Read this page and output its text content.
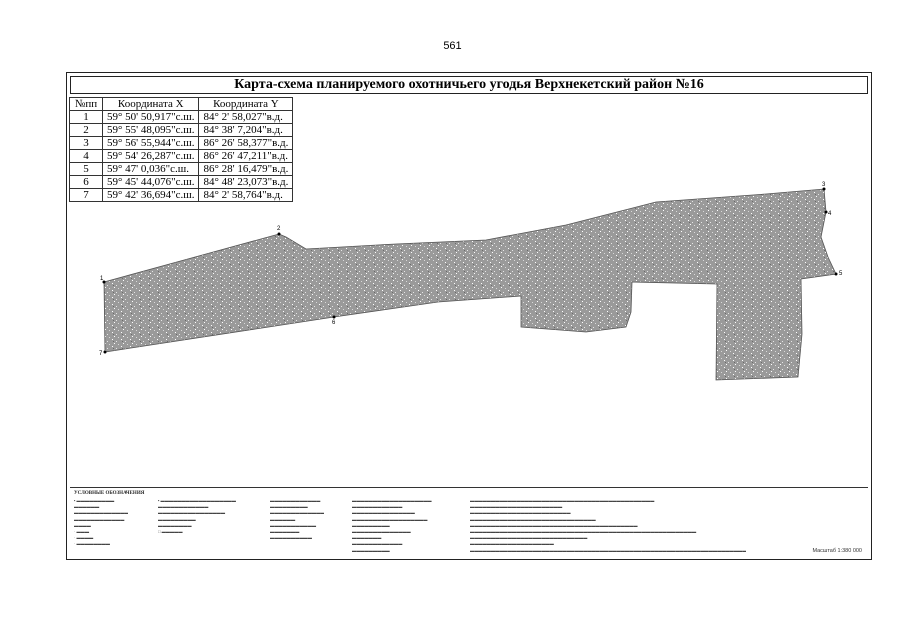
561
Карта-схема планируемого охотничьего угодья Верхнекетский район №16
№пп	Координата X	Координата Y
1	59° 50' 50,917"с.ш.	84° 2' 58,027"в.д.
2	59° 55' 48,095"с.ш.	84° 38' 7,204"в.д.
3	59° 56' 55,944"с.ш.	86° 26' 58,377"в.д.
4	59° 54' 26,287"с.ш.	86° 26' 47,211"в.д.
5	59° 47' 0,036"с.ш.	86° 28' 16,479"в.д.
6	59° 45' 44,076"с.ш.	84° 48' 23,073"в.д.
7	59° 42' 36,694"с.ш.	84° 2' 58,764"в.д.
1
2
3
4
5
6
7
УСЛОВНЫЕ ОБОЗНАЧЕНИЯ
▪ ▬▬▬▬▬▬▬▬▬
▬▬▬▬▬▬
▬▬▬▬▬▬▬▬▬▬▬▬▬
▬▬▬▬▬▬▬▬▬▬▬▬
▬▬▬▬
· ▬▬▬
· ▬▬▬▬
· ▬▬▬▬▬▬▬▬
▪ ▬▬▬▬▬▬▬▬▬▬▬▬▬▬▬▬▬▬
▬▬▬▬▬▬▬▬▬▬▬▬
▬▬▬▬▬▬▬▬▬▬▬▬▬▬▬▬
▬▬▬▬▬▬▬▬▬
▬▬▬▬▬▬▬▬
□ ▬▬▬▬▬
▬▬▬▬▬▬▬▬▬▬▬▬
▬▬▬▬▬▬▬▬▬
▬▬▬▬▬▬▬▬▬▬▬▬▬
▬▬▬▬▬▬
▬▬▬▬▬▬▬▬▬▬▬
▬▬▬▬▬▬▬
▬▬▬▬▬▬▬▬▬▬
▬▬▬▬▬▬▬▬▬▬▬▬▬▬▬▬▬▬▬
▬▬▬▬▬▬▬▬▬▬▬▬
▬▬▬▬▬▬▬▬▬▬▬▬▬▬▬
▬▬▬▬▬▬▬▬▬▬▬▬▬▬▬▬▬▬
▬▬▬▬▬▬▬▬▬
▬▬▬▬▬▬▬▬▬▬▬▬▬▬
▬▬▬▬▬▬▬
▬▬▬▬▬▬▬▬▬▬▬▬
▬▬▬▬▬▬▬▬▬
▬▬▬▬▬▬▬▬▬▬▬▬▬▬▬▬▬▬▬▬▬▬▬▬▬▬▬▬▬▬▬▬▬▬▬▬▬▬▬▬▬▬▬▬
▬▬▬▬▬▬▬▬▬▬▬▬▬▬▬▬▬▬▬▬▬▬
▬▬▬▬▬▬▬▬▬▬▬▬▬▬▬▬▬▬▬▬▬▬▬▬
▬▬▬▬▬▬▬▬▬▬▬▬▬▬▬▬▬▬▬▬▬▬▬▬▬▬▬▬▬▬
▬▬▬▬▬▬▬▬▬▬▬▬▬▬▬▬▬▬▬▬▬▬▬▬▬▬▬▬▬▬▬▬▬▬▬▬▬▬▬▬
▬▬▬▬▬▬▬▬▬▬▬▬▬▬▬▬▬▬▬▬▬▬▬▬▬▬▬▬▬▬▬▬▬▬▬▬▬▬▬▬▬▬▬▬▬▬▬▬▬▬▬▬▬▬
▬▬▬▬▬▬▬▬▬▬▬▬▬▬▬▬▬▬▬▬▬▬▬▬▬▬▬▬
▬▬▬▬▬▬▬▬▬▬▬▬▬▬▬▬▬▬▬▬
▬▬▬▬▬▬▬▬▬▬▬▬▬▬▬▬▬▬▬▬▬▬▬▬▬▬▬▬▬▬▬▬▬▬▬▬▬▬▬▬▬▬▬▬▬▬▬▬▬▬▬▬▬▬▬▬▬▬▬▬▬▬▬▬▬▬	Масштаб 1:380 000
